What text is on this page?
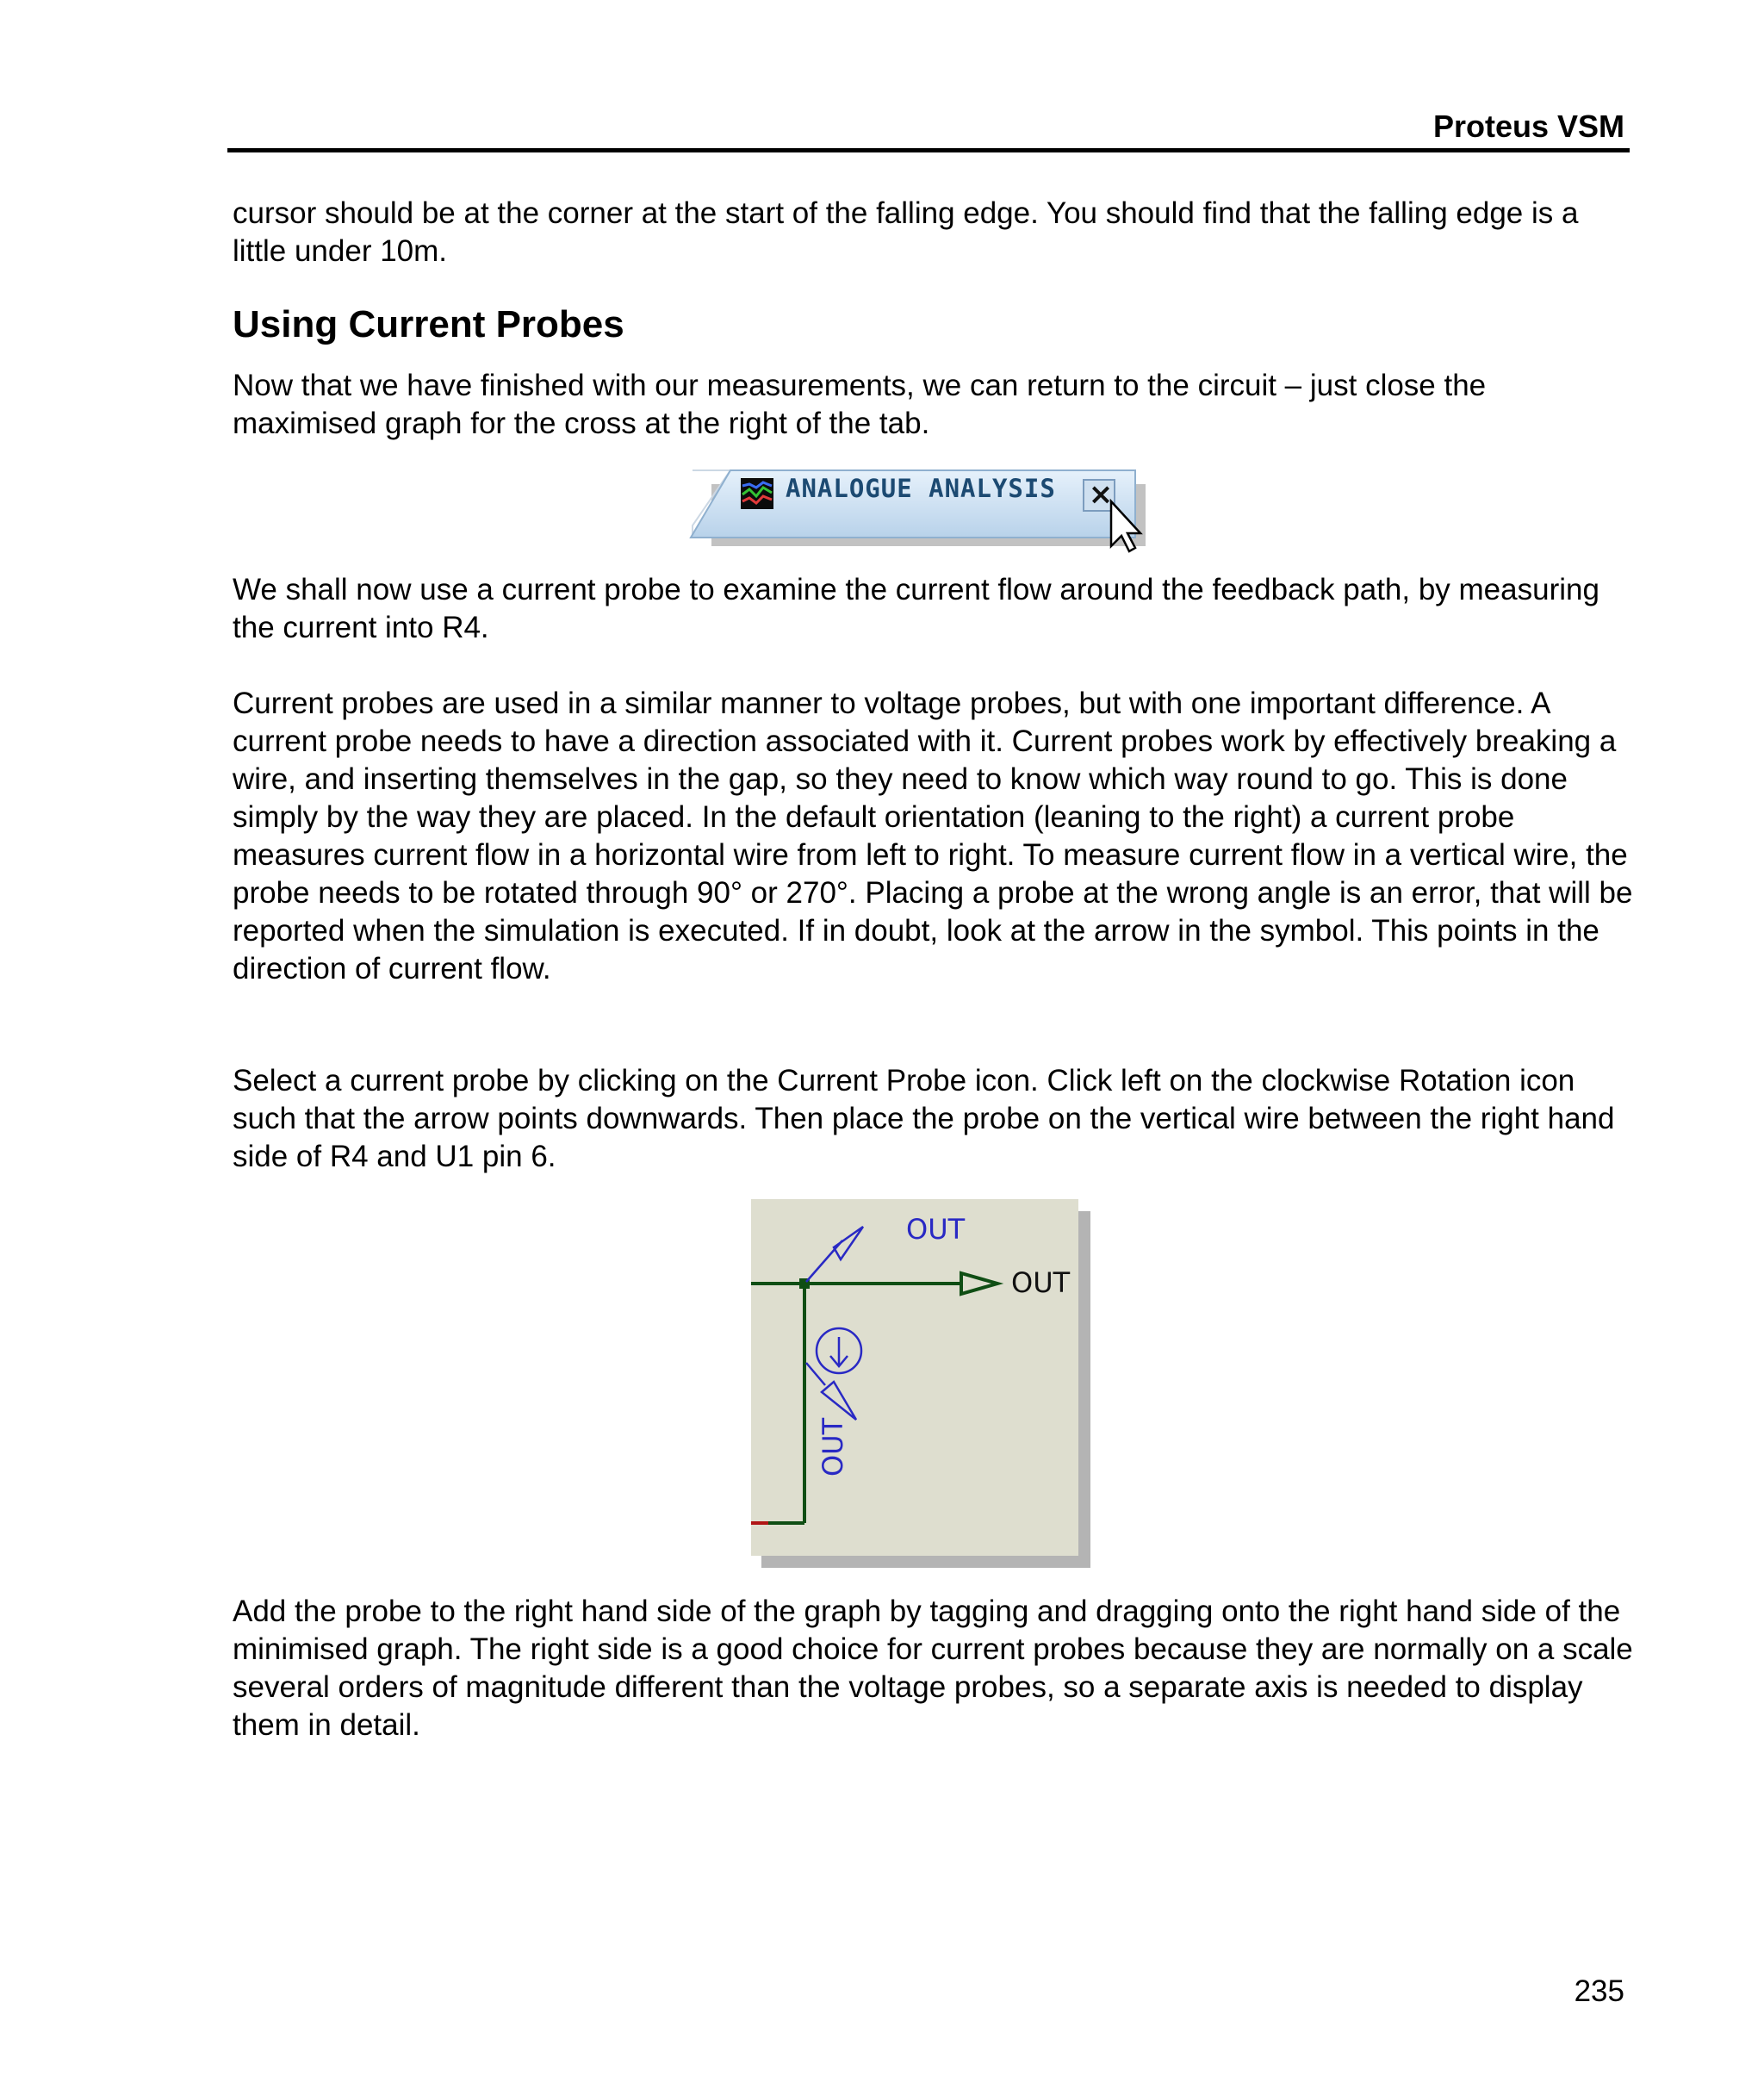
Proteus VSM

cursor should be at the corner at the start of the falling edge. You should find that the falling edge is a little under 10m.

Using Current Probes

Now that we have finished with our measurements, we can return to the circuit – just close the maximised graph for the cross at the right of the tab.

ANALOGUE ANALYSIS ×

We shall now use a current probe to examine the current flow around the feedback path, by measuring the current into R4.

Current probes are used in a similar manner to voltage probes, but with one important difference. A current probe needs to have a direction associated with it. Current probes work by effectively breaking a wire, and inserting themselves in the gap, so they need to know which way round to go. This is done simply by the way they are placed. In the default orientation (leaning to the right) a current probe measures current flow in a horizontal wire from left to right. To measure current flow in a vertical wire, the probe needs to be rotated through 90° or 270°. Placing a probe at the wrong angle is an error, that will be reported when the simulation is executed. If in doubt, look at the arrow in the symbol. This points in the direction of current flow.

Select a current probe by clicking on the Current Probe icon. Click left on the clockwise Rotation icon such that the arrow points downwards. Then place the probe on the vertical wire between the right hand side of R4 and U1 pin 6.

OUT
OUT
OUT

Add the probe to the right hand side of the graph by tagging and dragging onto the right hand side of the minimised graph. The right side is a good choice for current probes because they are normally on a scale several orders of magnitude different than the voltage probes, so a separate axis is needed to display them in detail.

235
